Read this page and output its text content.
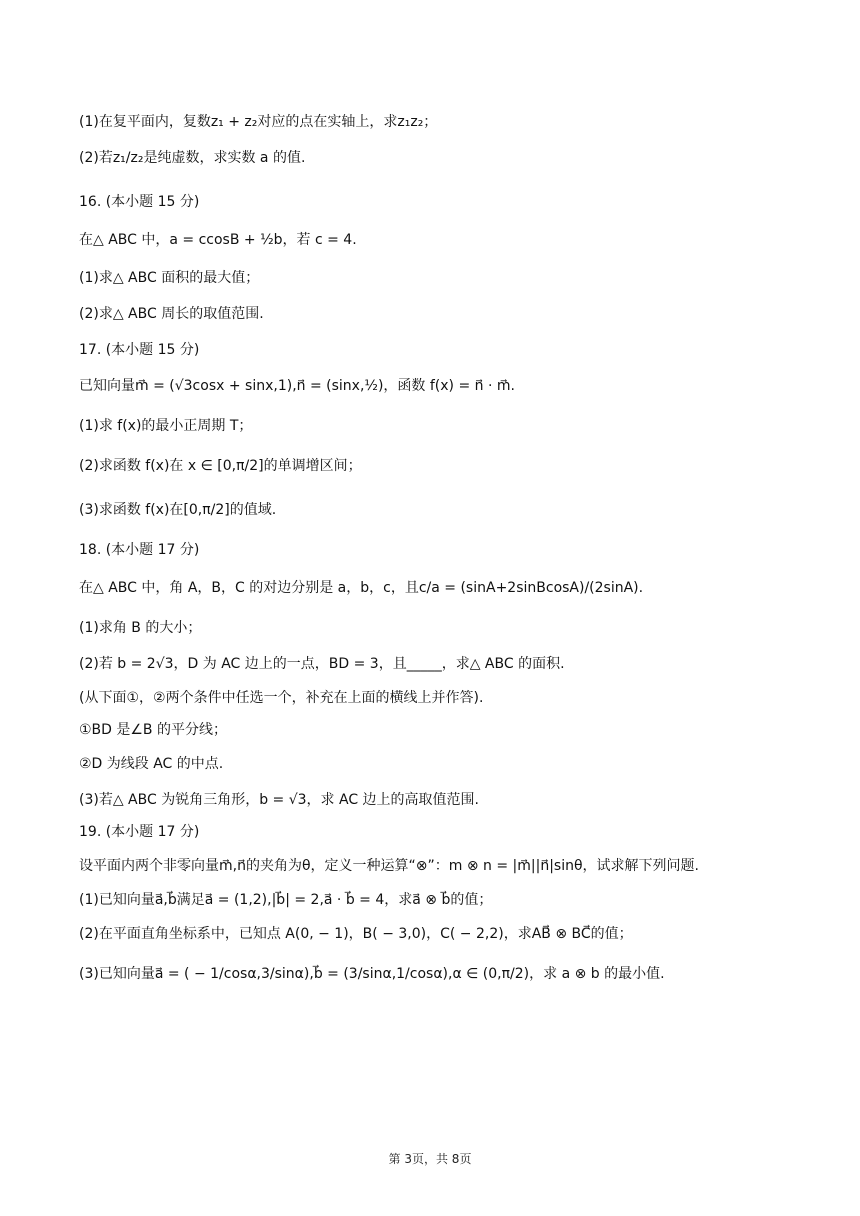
(1)在复平面内，复数z₁ + z₂对应的点在实轴上，求z₁z₂；
(2)若z₁/z₂是纯虚数，求实数 a 的值.
16. (本小题 15 分)
在△ ABC 中，a = ccosB + ½b，若 c = 4.
(1)求△ ABC 面积的最大值；
(2)求△ ABC 周长的取值范围.
17. (本小题 15 分)
已知向量m⃗ = (√3cosx + sinx,1),n⃗ = (sinx,½)，函数 f(x) = n⃗ · m⃗.
(1)求 f(x)的最小正周期 T；
(2)求函数 f(x)在 x ∈ [0,π/2]的单调增区间；
(3)求函数 f(x)在[0,π/2]的值域.
18. (本小题 17 分)
在△ ABC 中，角 A，B，C 的对边分别是 a，b，c，且c/a = (sinA+2sinBcosA)/(2sinA).
(1)求角 B 的大小；
(2)若 b = 2√3，D 为 AC 边上的一点，BD = 3，且_____，求△ ABC 的面积.
(从下面①，②两个条件中任选一个，补充在上面的横线上并作答).
①BD 是∠B 的平分线；
②D 为线段 AC 的中点.
(3)若△ ABC 为锐角三角形，b = √3，求 AC 边上的高取值范围.
19. (本小题 17 分)
设平面内两个非零向量m⃗,n⃗的夹角为θ，定义一种运算“⊗”：m ⊗ n = |m⃗||n⃗|sinθ，试求解下列问题.
(1)已知向量a⃗,b⃗满足a⃗ = (1,2),|b⃗| = 2,a⃗ · b⃗ = 4，求a⃗ ⊗ b⃗的值；
(2)在平面直角坐标系中，已知点 A(0, − 1)，B( − 3,0)，C( − 2,2)，求AB⃗ ⊗ BC⃗的值；
(3)已知向量a⃗ = ( − 1/cosα,3/sinα),b⃗ = (3/sinα,1/cosα),α ∈ (0,π/2)，求 a ⊗ b 的最小值.
第 3页，共 8页
